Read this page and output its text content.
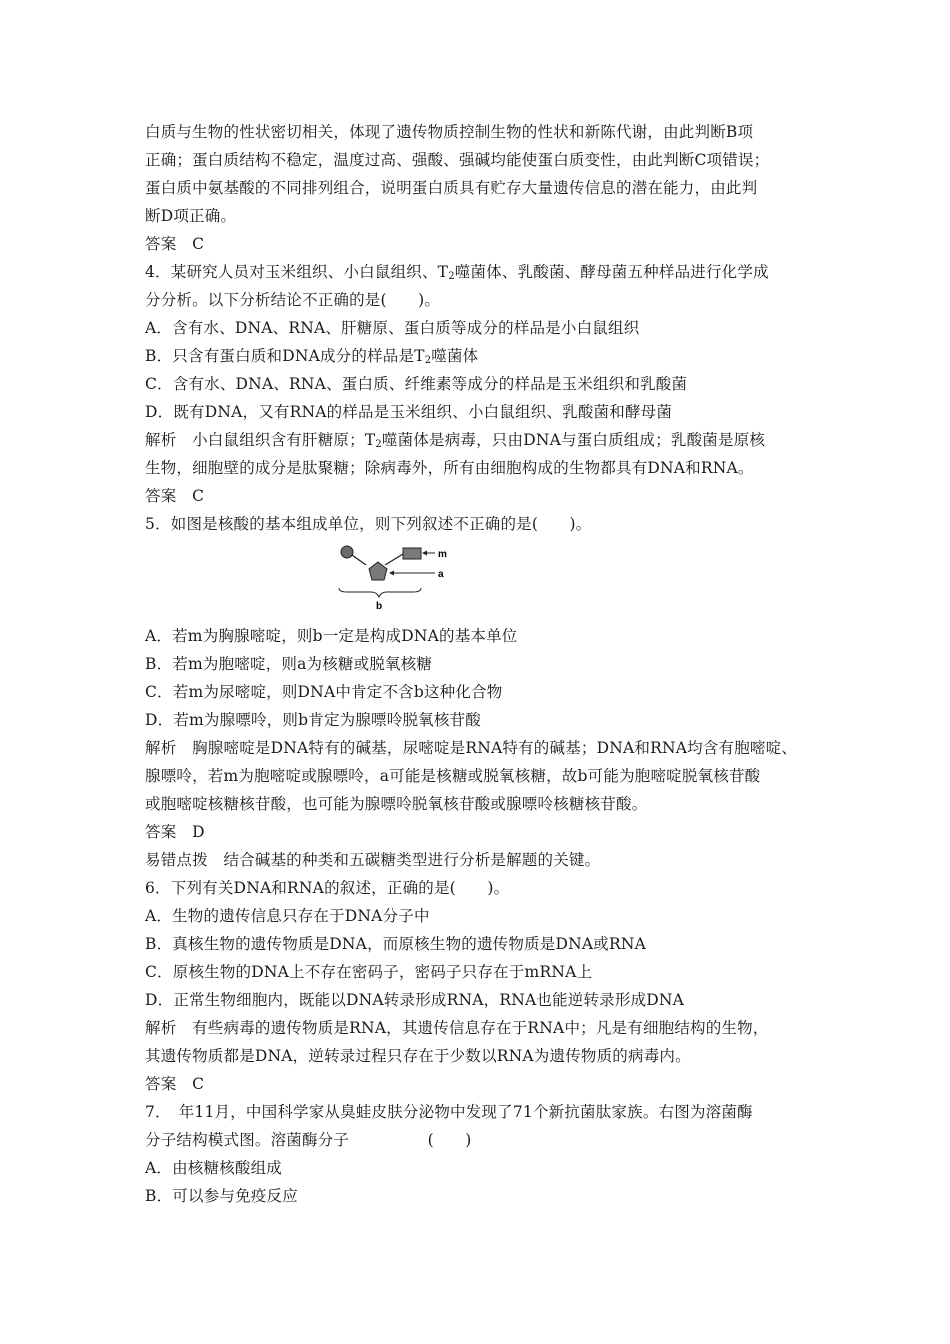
白质与生物的性状密切相关，体现了遗传物质控制生物的性状和新陈代谢，由此判断B项
正确；蛋白质结构不稳定，温度过高、强酸、强碱均能使蛋白质变性，由此判断C项错误；
蛋白质中氨基酸的不同排列组合，说明蛋白质具有贮存大量遗传信息的潜在能力，由此判
断D项正确。
答案　C
4．某研究人员对玉米组织、小白鼠组织、$T_2$噬菌体、乳酸菌、酵母菌五种样品进行化学成
分分析。以下分析结论不正确的是(　　)。
A．含有水、DNA、RNA、肝糖原、蛋白质等成分的样品是小白鼠组织
B．只含有蛋白质和DNA成分的样品是$T_2$噬菌体
C．含有水、DNA、RNA、蛋白质、纤维素等成分的样品是玉米组织和乳酸菌
D．既有DNA，又有RNA的样品是玉米组织、小白鼠组织、乳酸菌和酵母菌
解析　小白鼠组织含有肝糖原；$T_2$噬菌体是病毒，只由DNA与蛋白质组成；乳酸菌是原核
生物，细胞壁的成分是肽聚糖；除病毒外，所有由细胞构成的生物都具有DNA和RNA。
答案　C
5．如图是核酸的基本组成单位，则下列叙述不正确的是(　　)。
m
a
b
A．若m为胸腺嘧啶，则b一定是构成DNA的基本单位
B．若m为胞嘧啶，则a为核糖或脱氧核糖
C．若m为尿嘧啶，则DNA中肯定不含b这种化合物
D．若m为腺嘌呤，则b肯定为腺嘌呤脱氧核苷酸
解析　胸腺嘧啶是DNA特有的碱基，尿嘧啶是RNA特有的碱基；DNA和RNA均含有胞嘧啶、
腺嘌呤，若m为胞嘧啶或腺嘌呤，a可能是核糖或脱氧核糖，故b可能为胞嘧啶脱氧核苷酸
或胞嘧啶核糖核苷酸，也可能为腺嘌呤脱氧核苷酸或腺嘌呤核糖核苷酸。
答案　D
易错点拨　结合碱基的种类和五碳糖类型进行分析是解题的关键。
6．下列有关DNA和RNA的叙述，正确的是(　　)。
A．生物的遗传信息只存在于DNA分子中
B．真核生物的遗传物质是DNA，而原核生物的遗传物质是DNA或RNA
C．原核生物的DNA上不存在密码子，密码子只存在于mRNA上
D．正常生物细胞内，既能以DNA转录形成RNA，RNA也能逆转录形成DNA
解析　有些病毒的遗传物质是RNA，其遗传信息存在于RNA中；凡是有细胞结构的生物，
其遗传物质都是DNA，逆转录过程只存在于少数以RNA为遗传物质的病毒内。
答案　C
7．　年11月，中国科学家从臭蛙皮肤分泌物中发现了71个新抗菌肽家族。右图为溶菌酶
分子结构模式图。溶菌酶分子　　　　　(　　)
A．由核糖核酸组成
B．可以参与免疫反应
